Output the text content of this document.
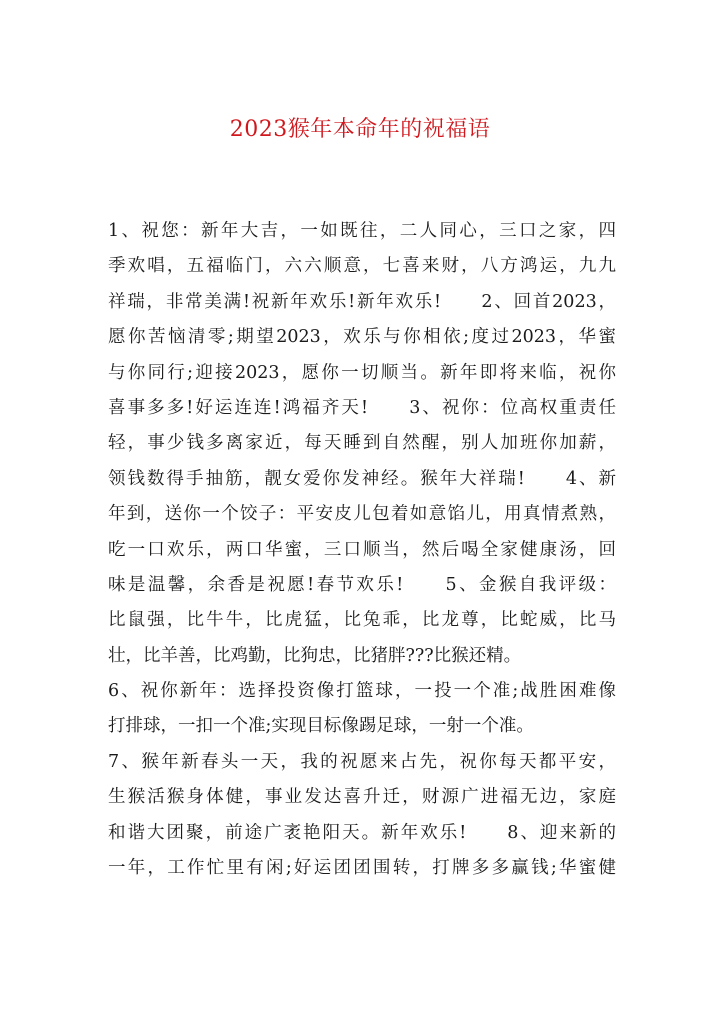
2023猴年本命年的祝福语
1、祝您：新年大吉，一如既往，二人同心，三口之家，四
季欢唱，五福临门，六六顺意，七喜来财，八方鸿运，九九
祥瑞，非常美满!祝新年欢乐!新年欢乐!　　2、回首2023，
愿你苦恼清零;期望2023，欢乐与你相依;度过2023，华蜜
与你同行;迎接2023，愿你一切顺当。新年即将来临，祝你
喜事多多!好运连连!鸿福齐天!　　3、祝你：位高权重责任
轻，事少钱多离家近，每天睡到自然醒，别人加班你加薪，
领钱数得手抽筋，靓女爱你发神经。猴年大祥瑞!　　4、新
年到，送你一个饺子：平安皮儿包着如意馅儿，用真情煮熟，
吃一口欢乐，两口华蜜，三口顺当，然后喝全家健康汤，回
味是温馨，余香是祝愿!春节欢乐!　　5、金猴自我评级：
比鼠强，比牛牛，比虎猛，比兔乖，比龙尊，比蛇威，比马
壮，比羊善，比鸡勤，比狗忠，比猪胖???比猴还精。
6、祝你新年：选择投资像打篮球，一投一个准;战胜困难像
打排球，一扣一个准;实现目标像踢足球，一射一个准。
7、猴年新春头一天，我的祝愿来占先，祝你每天都平安，
生猴活猴身体健，事业发达喜升迁，财源广进福无边，家庭
和谐大团聚，前途广袤艳阳天。新年欢乐!　　8、迎来新的
一年，工作忙里有闲;好运团团围转，打牌多多赢钱;华蜜健
